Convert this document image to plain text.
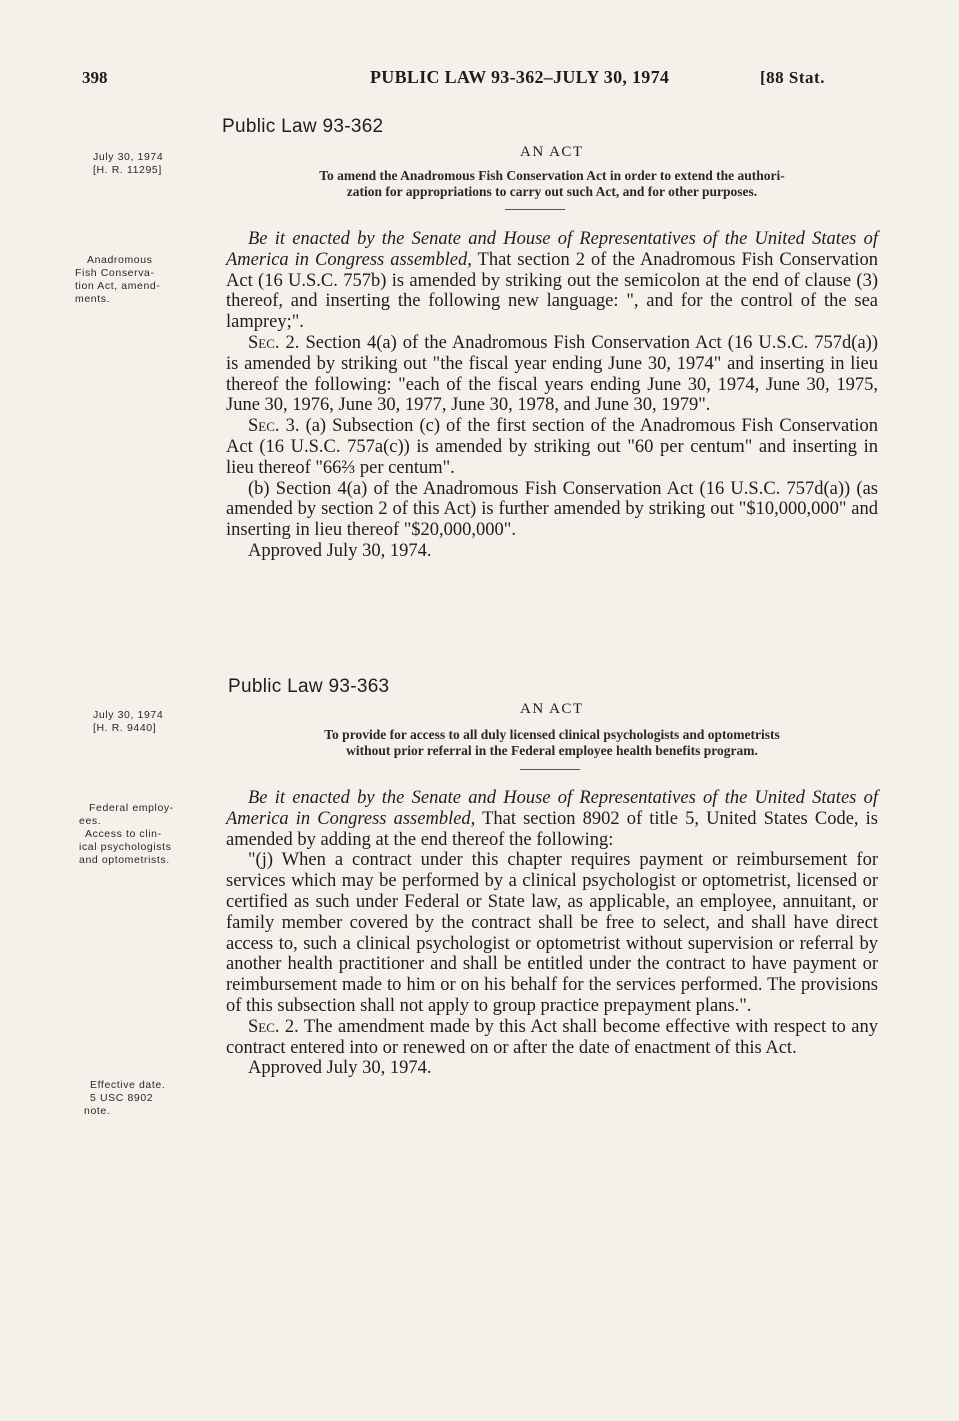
398	PUBLIC LAW 93-362–JULY 30, 1974	[88 Stat.
July 30, 1974
[H. R. 11295]
Anadromous
Fish Conserva-
tion Act, amend-
ments.
Public Law 93-362
AN ACT
To amend the Anadromous Fish Conservation Act in order to extend the authori-
zation for appropriations to carry out such Act, and for other purposes.

Be it enacted by the Senate and House of Representatives of the United States of America in Congress assembled, That section 2 of the Anadromous Fish Conservation Act (16 U.S.C. 757b) is amended by striking out the semicolon at the end of clause (3) thereof, and inserting the following new language: ", and for the control of the sea lamprey;".

Sec. 2. Section 4(a) of the Anadromous Fish Conservation Act (16 U.S.C. 757d(a)) is amended by striking out "the fiscal year ending June 30, 1974" and inserting in lieu thereof the following: "each of the fiscal years ending June 30, 1974, June 30, 1975, June 30, 1976, June 30, 1977, June 30, 1978, and June 30, 1979".

Sec. 3. (a) Subsection (c) of the first section of the Anadromous Fish Conservation Act (16 U.S.C. 757a(c)) is amended by striking out "60 per centum" and inserting in lieu thereof "66⅔ per centum".

(b) Section 4(a) of the Anadromous Fish Conservation Act (16 U.S.C. 757d(a)) (as amended by section 2 of this Act) is further amended by striking out "$10,000,000" and inserting in lieu thereof "$20,000,000".

Approved July 30, 1974.

July 30, 1974
[H. R. 9440]
Federal employ-
ees.
Access to clin-
ical psychologists
and optometrists.
Effective date.
5 USC 8902
note.
Public Law 93-363
AN ACT
To provide for access to all duly licensed clinical psychologists and optometrists
without prior referral in the Federal employee health benefits program.

Be it enacted by the Senate and House of Representatives of the United States of America in Congress assembled, That section 8902 of title 5, United States Code, is amended by adding at the end thereof the following:

"(j) When a contract under this chapter requires payment or reimbursement for services which may be performed by a clinical psychologist or optometrist, licensed or certified as such under Federal or State law, as applicable, an employee, annuitant, or family member covered by the contract shall be free to select, and shall have direct access to, such a clinical psychologist or optometrist without supervision or referral by another health practitioner and shall be entitled under the contract to have payment or reimbursement made to him or on his behalf for the services performed. The provisions of this subsection shall not apply to group practice prepayment plans.".

Sec. 2. The amendment made by this Act shall become effective with respect to any contract entered into or renewed on or after the date of enactment of this Act.

Approved July 30, 1974.
